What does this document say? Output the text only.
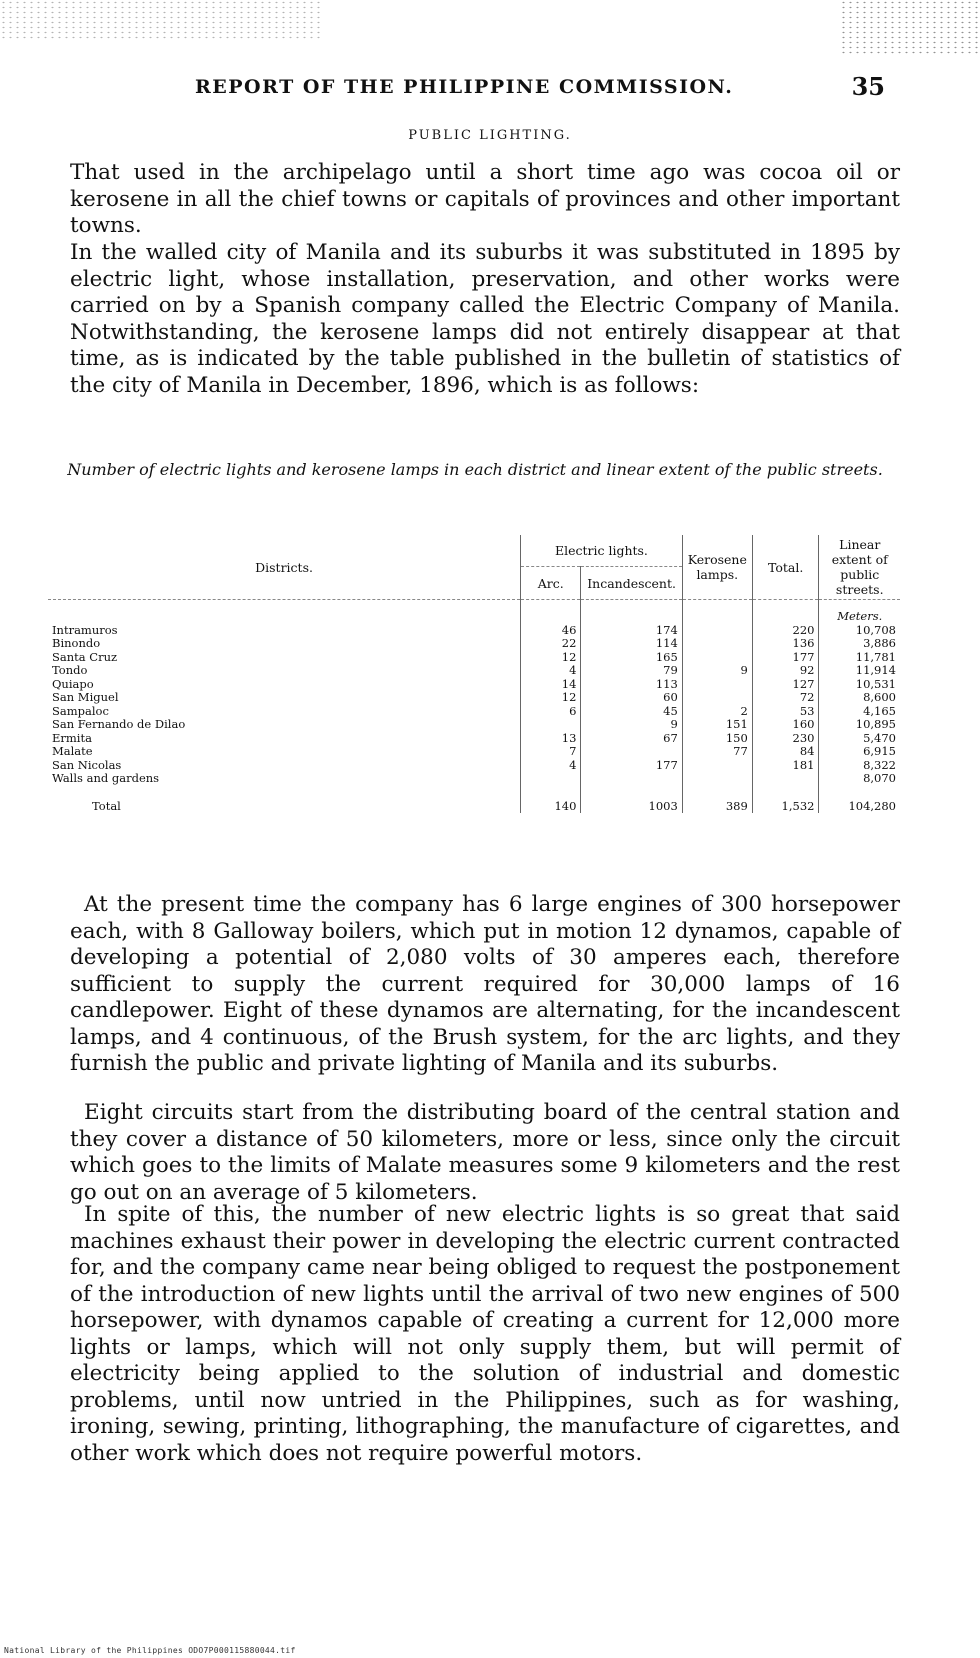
REPORT OF THE PHILIPPINE COMMISSION.	35
PUBLIC LIGHTING.

That used in the archipelago until a short time ago was cocoa oil or kerosene in all the chief towns or capitals of provinces and other important towns.

In the walled city of Manila and its suburbs it was substituted in 1895 by electric light, whose installation, preservation, and other works were carried on by a Spanish company called the Electric Company of Manila. Notwithstanding, the kerosene lamps did not entirely disappear at that time, as is indicated by the table published in the bulletin of statistics of the city of Manila in December, 1896, which is as follows:

Number of electric lights and kerosene lamps in each district and linear extent of the public streets.
Districts.	Electric lights.		Kerosene lamps.	Total.	Linear extent of public streets.
	Arc.	Incandescent.			
					Meters.
Intramuros	46	174		220	10,708
Binondo	22	114		136	3,886
Santa Cruz	12	165		177	11,781
Tondo	4	79	9	92	11,914
Quiapo	14	113		127	10,531
San Miguel	12	60		72	8,600
Sampaloc	6	45	2	53	4,165
San Fernando de Dilao		9	151	160	10,895
Ermita	13	67	150	230	5,470
Malate	7		77	84	6,915
San Nicolas	4	177		181	8,322
Walls and gardens					8,070
Total	140	1003	389	1,532	104,280

At the present time the company has 6 large engines of 300 horsepower each, with 8 Galloway boilers, which put in motion 12 dynamos, capable of developing a potential of 2,080 volts of 30 amperes each, therefore sufficient to supply the current required for 30,000 lamps of 16 candlepower. Eight of these dynamos are alternating, for the incandescent lamps, and 4 continuous, of the Brush system, for the arc lights, and they furnish the public and private lighting of Manila and its suburbs.

Eight circuits start from the distributing board of the central station and they cover a distance of 50 kilometers, more or less, since only the circuit which goes to the limits of Malate measures some 9 kilometers and the rest go out on an average of 5 kilometers.

In spite of this, the number of new electric lights is so great that said machines exhaust their power in developing the electric current contracted for, and the company came near being obliged to request the postponement of the introduction of new lights until the arrival of two new engines of 500 horsepower, with dynamos capable of creating a current for 12,000 more lights or lamps, which will not only supply them, but will permit of electricity being applied to the solution of industrial and domestic problems, until now untried in the Philippines, such as for washing, ironing, sewing, printing, lithographing, the manufacture of cigarettes, and other work which does not require powerful motors.

National Library of the Philippines ODO7P000115880044.tif
